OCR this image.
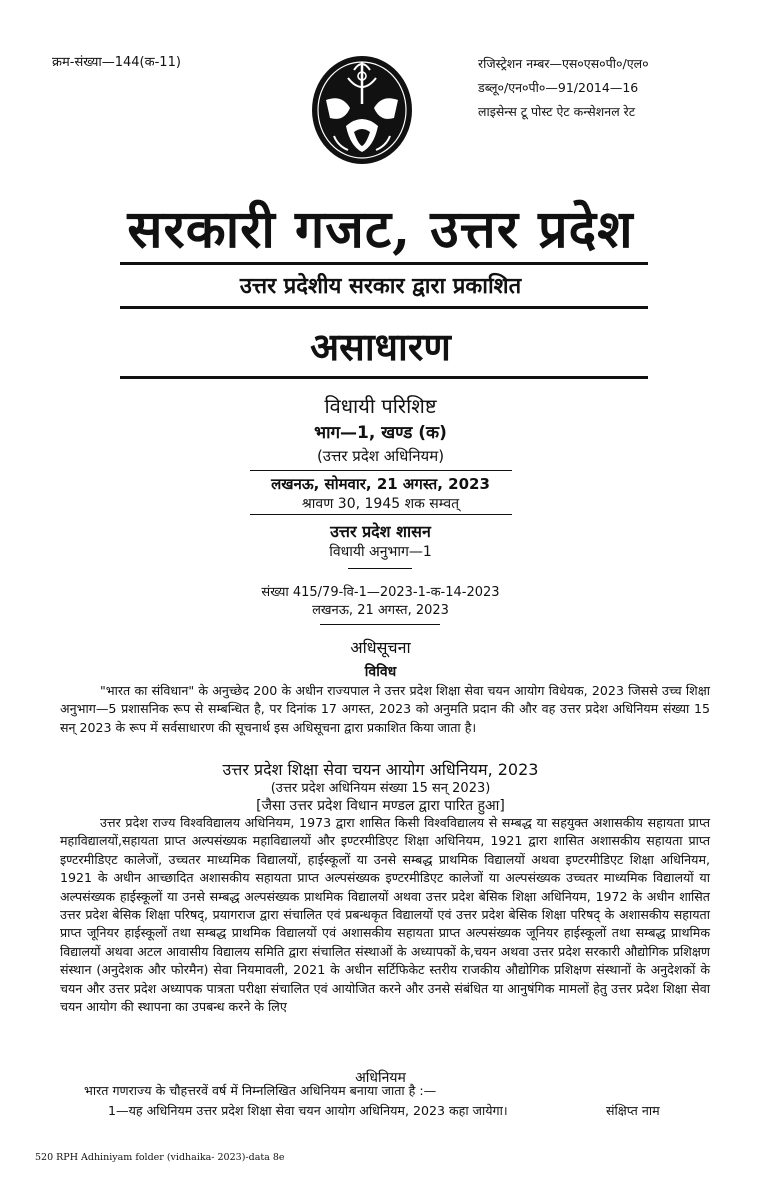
क्रम-संख्या—144(क-11)	रजिस्ट्रेशन नम्बर—एस०एस०पी०/एल०
डब्लू०/एन०पी०—91/2014—16
लाइसेन्स टू पोस्ट ऐट कन्सेशनल रेट
सरकारी गजट, उत्तर प्रदेश
उत्तर प्रदेशीय सरकार द्वारा प्रकाशित
असाधारण
विधायी परिशिष्ट
भाग—1, खण्ड (क)
(उत्तर प्रदेश अधिनियम)
लखनऊ, सोमवार, 21 अगस्त, 2023
श्रावण 30, 1945 शक सम्वत्
उत्तर प्रदेश शासन
विधायी अनुभाग—1
संख्या 415/79-वि-1—2023-1-क-14-2023
लखनऊ, 21 अगस्त, 2023
अधिसूचना
विविध
"भारत का संविधान" के अनुच्छेद 200 के अधीन राज्यपाल ने उत्तर प्रदेश शिक्षा सेवा चयन आयोग विधेयक, 2023 जिससे उच्च शिक्षा अनुभाग—5 प्रशासनिक रूप से सम्बन्धित है, पर दिनांक 17 अगस्त, 2023 को अनुमति प्रदान की और वह उत्तर प्रदेश अधिनियम संख्या 15 सन् 2023 के रूप में सर्वसाधारण की सूचनार्थ इस अधिसूचना द्वारा प्रकाशित किया जाता है।
उत्तर प्रदेश शिक्षा सेवा चयन आयोग अधिनियम, 2023
(उत्तर प्रदेश अधिनियम संख्या 15 सन् 2023)
[जैसा उत्तर प्रदेश विधान मण्डल द्वारा पारित हुआ]
उत्तर प्रदेश राज्य विश्वविद्यालय अधिनियम, 1973 द्वारा शासित किसी विश्वविद्यालय से सम्बद्ध या सहयुक्त अशासकीय सहायता प्राप्त महाविद्यालयों,सहायता प्राप्त अल्पसंख्यक महाविद्यालयों और इण्टरमीडिएट शिक्षा अधिनियम, 1921 द्वारा शासित अशासकीय सहायता प्राप्त इण्टरमीडिएट कालेजों, उच्चतर माध्यमिक विद्यालयों, हाईस्कूलों या उनसे सम्बद्ध प्राथमिक विद्यालयों अथवा इण्टरमीडिएट शिक्षा अधिनियम, 1921 के अधीन आच्छादित अशासकीय सहायता प्राप्त अल्पसंख्यक इण्टरमीडिएट कालेजों या अल्पसंख्यक उच्चतर माध्यमिक विद्यालयों या अल्पसंख्यक हाईस्कूलों या उनसे सम्बद्ध अल्पसंख्यक प्राथमिक विद्यालयों अथवा उत्तर प्रदेश बेसिक शिक्षा अधिनियम, 1972 के अधीन शासित उत्तर प्रदेश बेसिक शिक्षा परिषद्, प्रयागराज द्वारा संचालित एवं प्रबन्धकृत विद्यालयों एवं उत्तर प्रदेश बेसिक शिक्षा परिषद् के अशासकीय सहायता प्राप्त जूनियर हाईस्कूलों तथा सम्बद्ध प्राथमिक विद्यालयों एवं अशासकीय सहायता प्राप्त अल्पसंख्यक जूनियर हाईस्कूलों तथा सम्बद्ध प्राथमिक विद्यालयों अथवा अटल आवासीय विद्यालय समिति द्वारा संचालित संस्थाओं के अध्यापकों के,चयन अथवा उत्तर प्रदेश सरकारी औद्योगिक प्रशिक्षण संस्थान (अनुदेशक और फोरमैन) सेवा नियमावली, 2021 के अधीन सर्टिफिकेट स्तरीय राजकीय औद्योगिक प्रशिक्षण संस्थानों के अनुदेशकों के चयन और उत्तर प्रदेश अध्यापक पात्रता परीक्षा संचालित एवं आयोजित करने और उनसे संबंधित या आनुषंगिक मामलों हेतु उत्तर प्रदेश शिक्षा सेवा चयन आयोग की स्थापना का उपबन्ध करने के लिए
अधिनियम
भारत गणराज्य के चौहत्तरवें वर्ष में निम्नलिखित अधिनियम बनाया जाता है :—
1—यह अधिनियम उत्तर प्रदेश शिक्षा सेवा चयन आयोग अधिनियम, 2023 कहा जायेगा।	संक्षिप्त नाम
520 RPH Adhiniyam folder (vidhaika- 2023)-data 8e
